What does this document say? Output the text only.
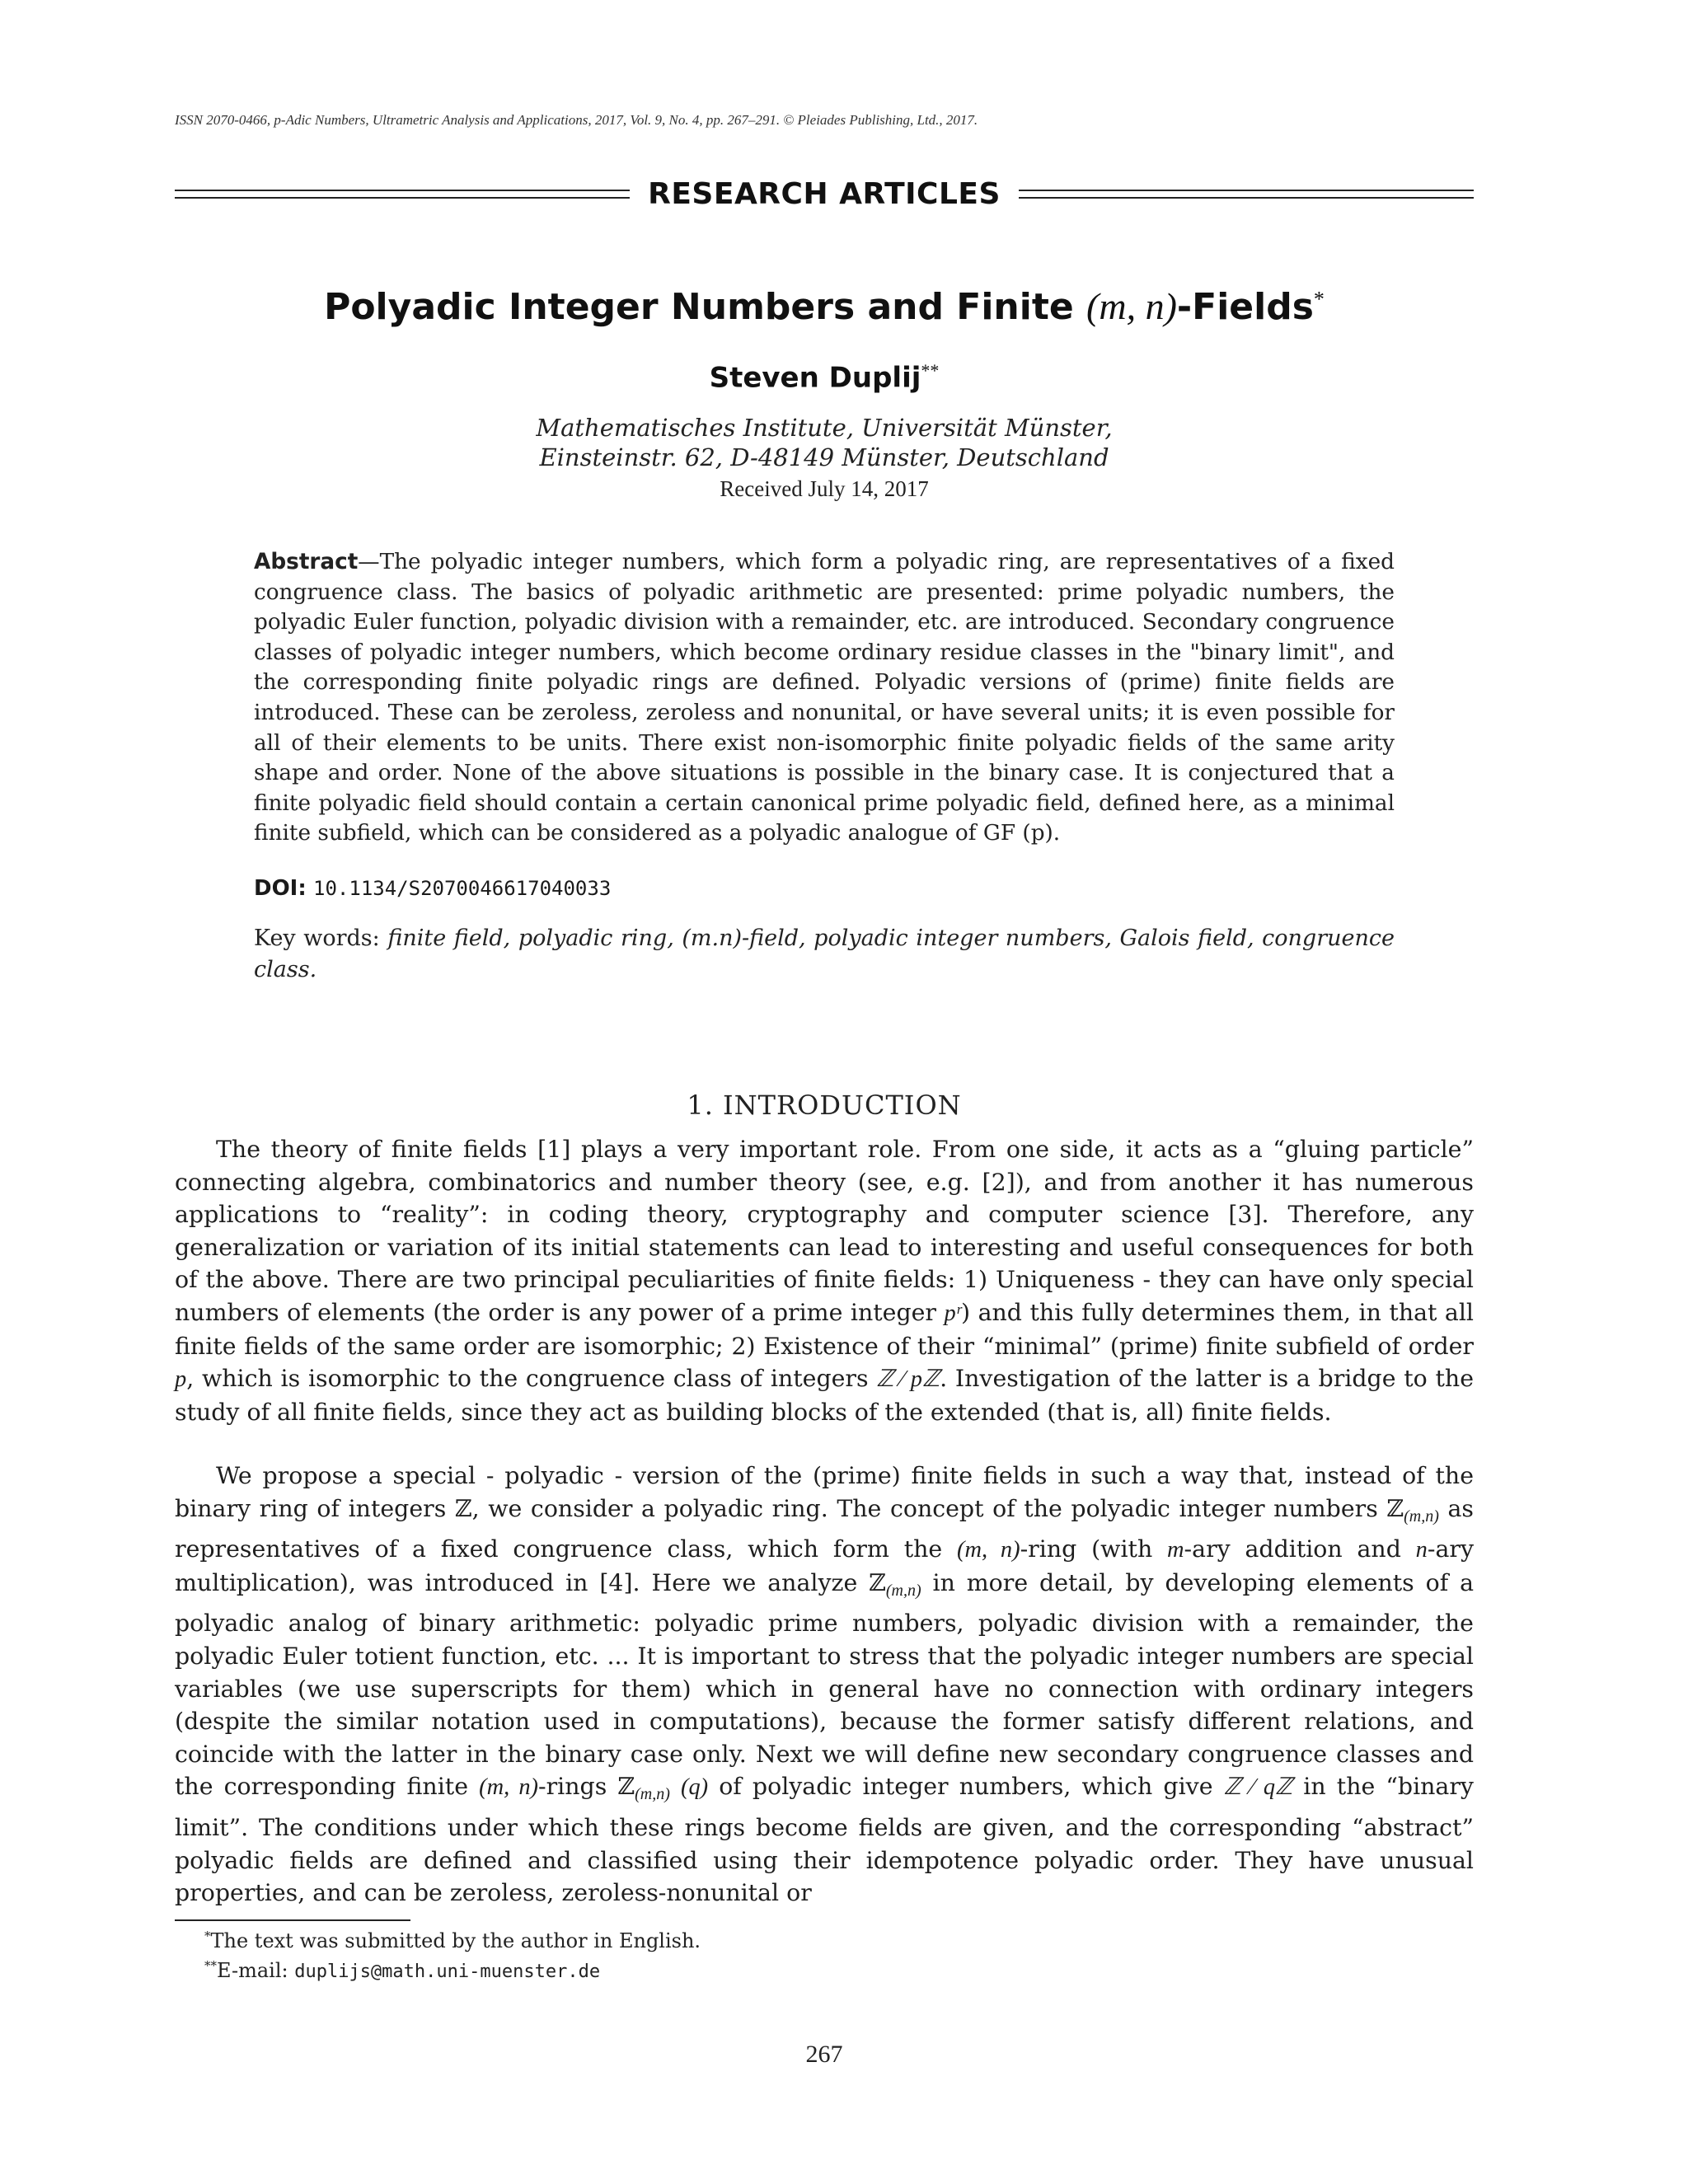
ISSN 2070-0466, p-Adic Numbers, Ultrametric Analysis and Applications, 2017, Vol. 9, No. 4, pp. 267–291. © Pleiades Publishing, Ltd., 2017.
RESEARCH ARTICLES
Polyadic Integer Numbers and Finite (m, n)-Fields*
Steven Duplij**
Mathematisches Institute, Universität Münster,
Einsteinstr. 62, D-48149 Münster, Deutschland
Received July 14, 2017
Abstract—The polyadic integer numbers, which form a polyadic ring, are representatives of a fixed congruence class. The basics of polyadic arithmetic are presented: prime polyadic numbers, the polyadic Euler function, polyadic division with a remainder, etc. are introduced. Secondary congruence classes of polyadic integer numbers, which become ordinary residue classes in the "binary limit", and the corresponding finite polyadic rings are defined. Polyadic versions of (prime) finite fields are introduced. These can be zeroless, zeroless and nonunital, or have several units; it is even possible for all of their elements to be units. There exist non-isomorphic finite polyadic fields of the same arity shape and order. None of the above situations is possible in the binary case. It is conjectured that a finite polyadic field should contain a certain canonical prime polyadic field, defined here, as a minimal finite subfield, which can be considered as a polyadic analogue of GF (p).
DOI: 10.1134/S2070046617040033
Key words: finite field, polyadic ring, (m.n)-field, polyadic integer numbers, Galois field, congruence class.
1. INTRODUCTION

The theory of finite fields [1] plays a very important role. From one side, it acts as a “gluing particle” connecting algebra, combinatorics and number theory (see, e.g. [2]), and from another it has numerous applications to “reality”: in coding theory, cryptography and computer science [3]. Therefore, any generalization or variation of its initial statements can lead to interesting and useful consequences for both of the above. There are two principal peculiarities of finite fields: 1) Uniqueness - they can have only special numbers of elements (the order is any power of a prime integer pʳ) and this fully determines them, in that all finite fields of the same order are isomorphic; 2) Existence of their “minimal” (prime) finite subfield of order p, which is isomorphic to the congruence class of integers ℤ ⁄ pℤ. Investigation of the latter is a bridge to the study of all finite fields, since they act as building blocks of the extended (that is, all) finite fields.

We propose a special - polyadic - version of the (prime) finite fields in such a way that, instead of the binary ring of integers ℤ, we consider a polyadic ring. The concept of the polyadic integer numbers ℤ$_{(m,n)}$ as representatives of a fixed congruence class, which form the (m, n)-ring (with m-ary addition and n-ary multiplication), was introduced in [4]. Here we analyze ℤ$_{(m,n)}$ in more detail, by developing elements of a polyadic analog of binary arithmetic: polyadic prime numbers, polyadic division with a remainder, the polyadic Euler totient function, etc. ... It is important to stress that the polyadic integer numbers are special variables (we use superscripts for them) which in general have no connection with ordinary integers (despite the similar notation used in computations), because the former satisfy different relations, and coincide with the latter in the binary case only. Next we will define new secondary congruence classes and the corresponding finite (m, n)-rings ℤ$_{(m,n)}$ (q) of polyadic integer numbers, which give ℤ ⁄ qℤ in the “binary limit”. The conditions under which these rings become fields are given, and the corresponding “abstract” polyadic fields are defined and classified using their idempotence polyadic order. They have unusual properties, and can be zeroless, zeroless-nonunital or

*The text was submitted by the author in English.
**E-mail: duplijs@math.uni-muenster.de
267
